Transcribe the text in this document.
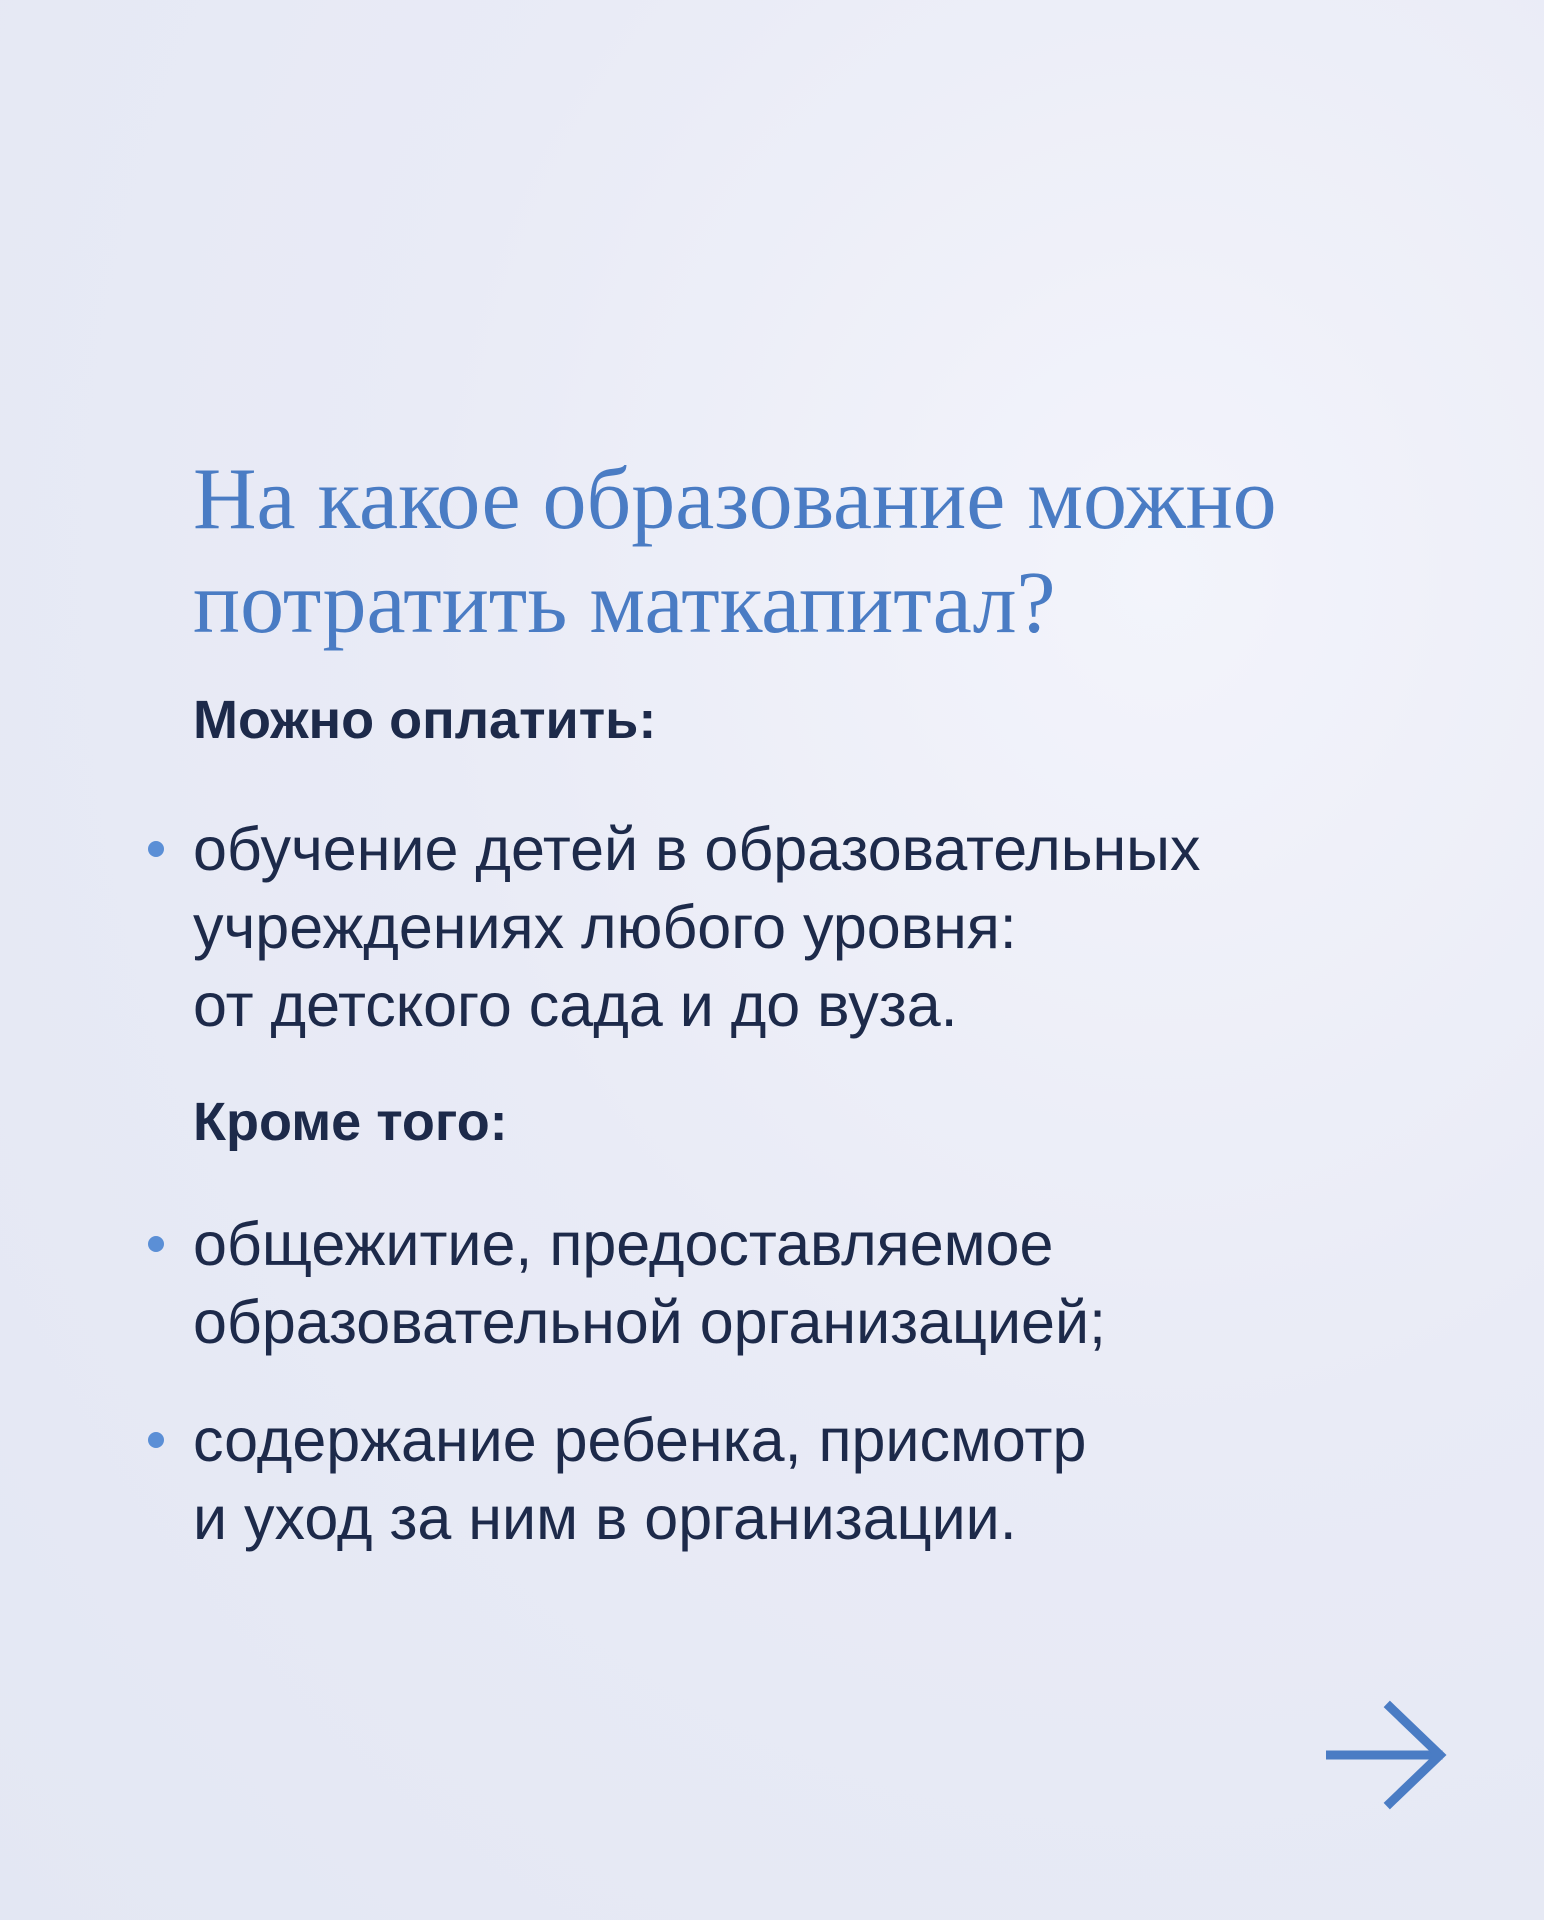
На какое образование можно
потратить маткапитал?
Можно оплатить:
обучение детей в образовательных
учреждениях любого уровня:
от детского сада и до вуза.
Кроме того:
общежитие, предоставляемое
образовательной организацией;
содержание ребенка, присмотр
и уход за ним в организации.
